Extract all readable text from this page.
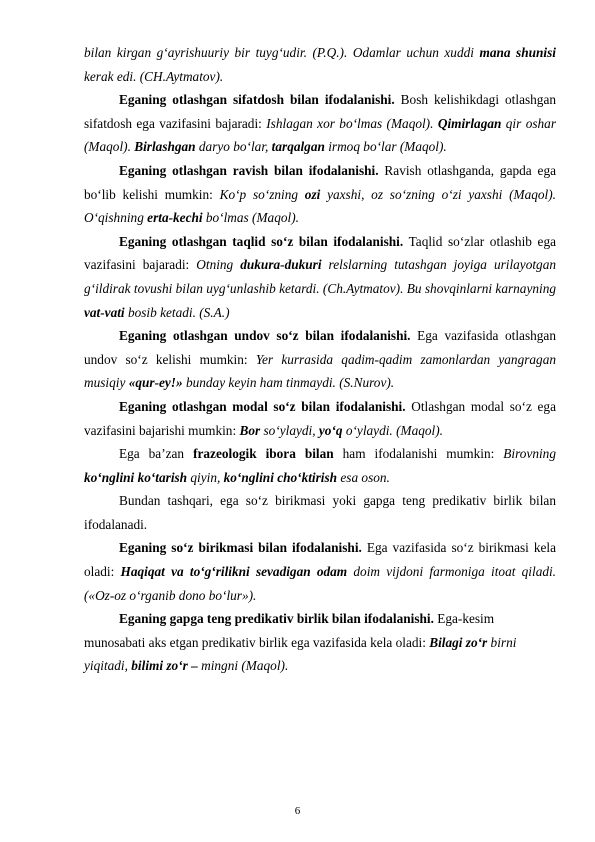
bilan kirgan g‘ayrishuuriy bir tuyg‘udir. (P.Q.). Odamlar uchun xuddi mana shunisi kerak edi. (CH.Aytmatov).

Eganing otlashgan sifatdosh bilan ifodalanishi. Bosh kelishikdagi otlashgan sifatdosh ega vazifasini bajaradi: Ishlagan xor bo‘lmas (Maqol). Qimirlagan qir oshar (Maqol). Birlashgan daryo bo‘lar, tarqalgan irmoq bo‘lar (Maqol).

Eganing otlashgan ravish bilan ifodalanishi. Ravish otlashganda, gapda ega bo‘lib kelishi mumkin: Ko‘p so‘zning ozi yaxshi, oz so‘zning o‘zi yaxshi (Maqol). O‘qishning erta-kechi bo‘lmas (Maqol).

Eganing otlashgan taqlid so‘z bilan ifodalanishi. Taqlid so‘zlar otlashib ega vazifasini bajaradi: Otning dukura-dukuri relslarning tutashgan joyiga urilayotgan g‘ildirak tovushi bilan uyg‘unlashib ketardi. (Ch.Aytmatov). Bu shovqinlarni karnayning vat-vati bosib ketadi. (S.A.)

Eganing otlashgan undov so‘z bilan ifodalanishi. Ega vazifasida otlashgan undov so‘z kelishi mumkin: Yer kurrasida qadim-qadim zamonlardan yangragan musiqiy «qur-ey!» bunday keyin ham tinmaydi. (S.Nurov).

Eganing otlashgan modal so‘z bilan ifodalanishi. Otlashgan modal so‘z ega vazifasini bajarishi mumkin: Bor so‘ylaydi, yo‘q o‘ylaydi. (Maqol).

Ega ba’zan frazeologik ibora bilan ham ifodalanishi mumkin: Birovning ko‘nglini ko‘tarish qiyin, ko‘nglini cho‘ktirish esa oson.

Bundan tashqari, ega so‘z birikmasi yoki gapga teng predikativ birlik bilan ifodalanadi.

Eganing so‘z birikmasi bilan ifodalanishi. Ega vazifasida so‘z birikmasi kela oladi: Haqiqat va to‘g‘rilikni sevadigan odam doim vijdoni farmoniga itoat qiladi. («Oz-oz o‘rganib dono bo‘lur»).

Eganing gapga teng predikativ birlik bilan ifodalanishi. Ega-kesim munosabati aks etgan predikativ birlik ega vazifasida kela oladi: Bilagi zo‘r birni yiqitadi, bilimi zo‘r – mingni (Maqol).

6
